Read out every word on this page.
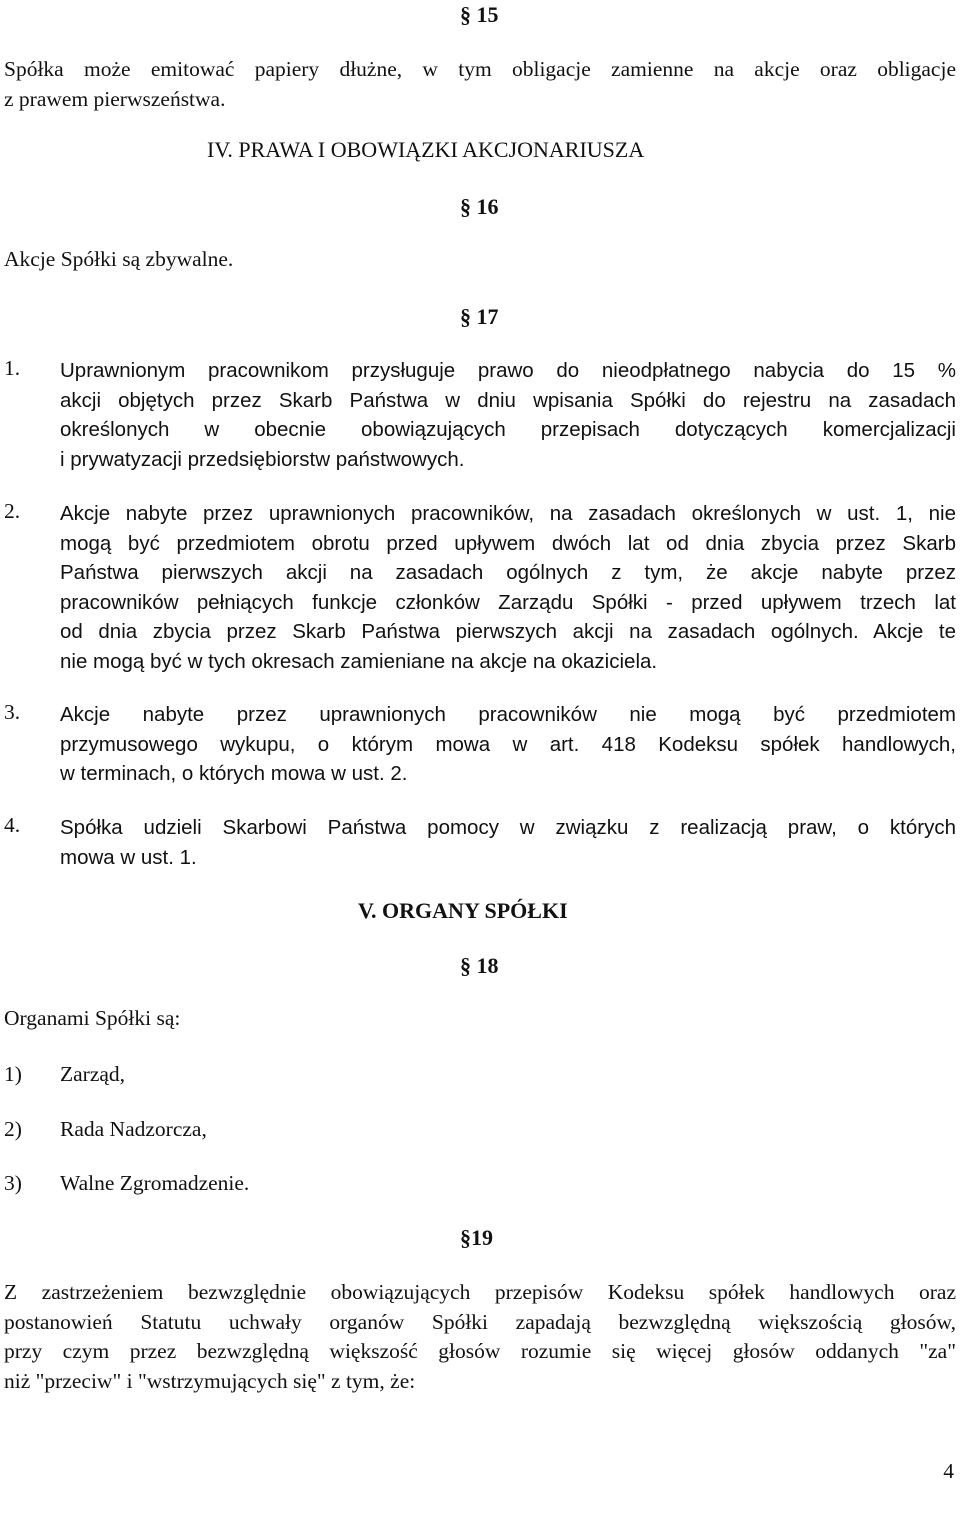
§ 15
Spółka może emitować papiery dłużne, w tym obligacje zamienne na akcje oraz obligacje
z prawem pierwszeństwa.
IV. PRAWA I OBOWIĄZKI AKCJONARIUSZA
§ 16
Akcje Spółki są zbywalne.
§ 17
1. Uprawnionym pracownikom przysługuje prawo do nieodpłatnego nabycia do 15 %
akcji objętych przez Skarb Państwa w dniu wpisania Spółki do rejestru na zasadach
określonych w obecnie obowiązujących przepisach dotyczących komercjalizacji
i prywatyzacji przedsiębiorstw państwowych.
2. Akcje nabyte przez uprawnionych pracowników, na zasadach określonych w ust. 1, nie
mogą być przedmiotem obrotu przed upływem dwóch lat od dnia zbycia przez Skarb
Państwa pierwszych akcji na zasadach ogólnych z tym, że akcje nabyte przez
pracowników pełniących funkcje członków Zarządu Spółki - przed upływem trzech lat
od dnia zbycia przez Skarb Państwa pierwszych akcji na zasadach ogólnych. Akcje te
nie mogą być w tych okresach zamieniane na akcje na okaziciela.
3. Akcje nabyte przez uprawnionych pracowników nie mogą być przedmiotem
przymusowego wykupu, o którym mowa w art. 418 Kodeksu spółek handlowych,
w terminach, o których mowa w ust. 2.
4. Spółka udzieli Skarbowi Państwa pomocy w związku z realizacją praw, o których
mowa w ust. 1.
V. ORGANY SPÓŁKI
§ 18
Organami Spółki są:
1) Zarząd,
2) Rada Nadzorcza,
3) Walne Zgromadzenie.
§19
Z zastrzeżeniem bezwzględnie obowiązujących przepisów Kodeksu spółek handlowych oraz
postanowień Statutu uchwały organów Spółki zapadają bezwzględną większością głosów,
przy czym przez bezwzględną większość głosów rozumie się więcej głosów oddanych "za"
niż "przeciw" i "wstrzymujących się" z tym, że:
4
